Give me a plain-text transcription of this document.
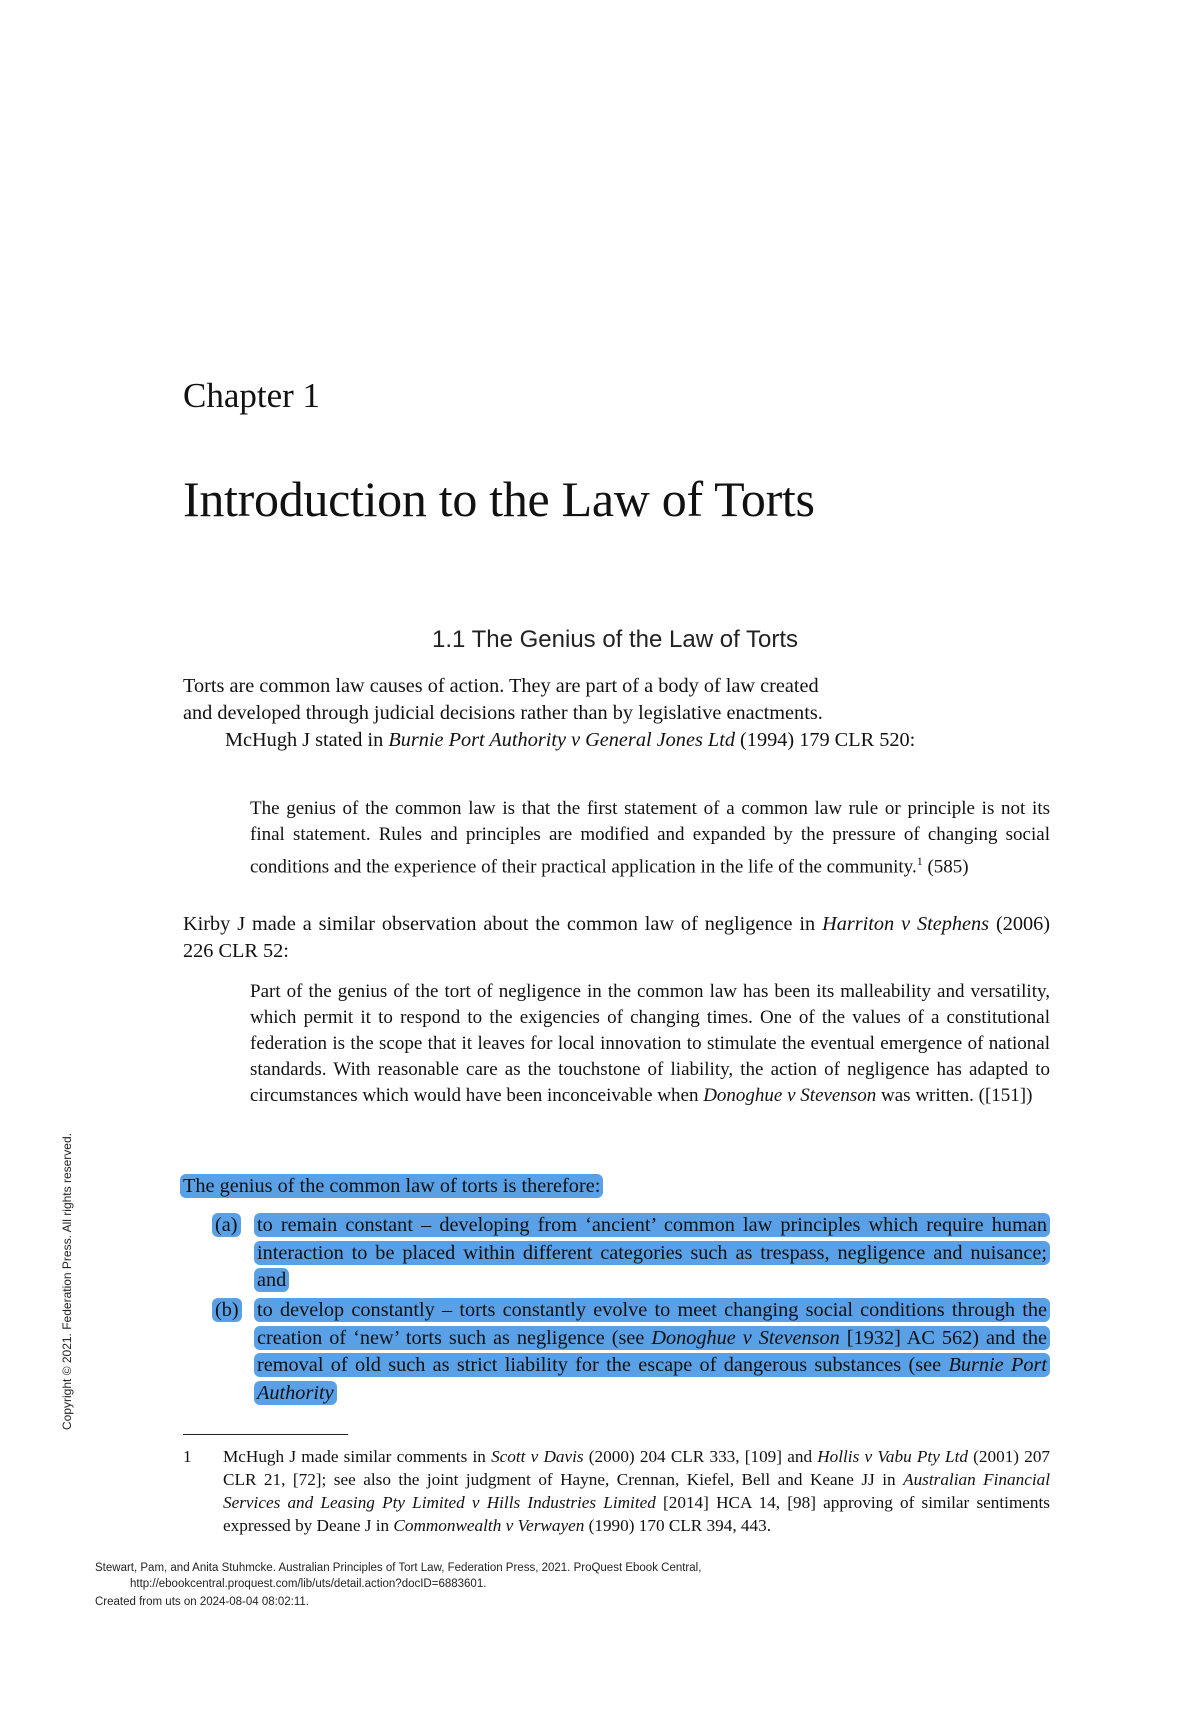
Chapter 1
Introduction to the Law of Torts
1.1 The Genius of the Law of Torts
Torts are common law causes of action. They are part of a body of law created
and developed through judicial decisions rather than by legislative enactments.
McHugh J stated in Burnie Port Authority v General Jones Ltd (1994) 179 CLR 520:
The genius of the common law is that the first statement of a common law rule or principle is not its final statement. Rules and principles are modified and expanded by the pressure of changing social conditions and the experience of their practical application in the life of the community.$^1$ (585)
Kirby J made a similar observation about the common law of negligence in Harriton v Stephens (2006) 226 CLR 52:
Part of the genius of the tort of negligence in the common law has been its malleability and versatility, which permit it to respond to the exigencies of changing times. One of the values of a constitutional federation is the scope that it leaves for local innovation to stimulate the eventual emergence of national standards. With reasonable care as the touchstone of liability, the action of negligence has adapted to circumstances which would have been inconceivable when Donoghue v Stevenson was written. ([151])
The genius of the common law of torts is therefore:
(a) to remain constant – developing from ‘ancient’ common law principles which require human interaction to be placed within different categories such as trespass, negligence and nuisance; and
(b) to develop constantly – torts constantly evolve to meet changing social conditions through the creation of ‘new’ torts such as negligence (see Donoghue v Stevenson [1932] AC 562) and the removal of old such as strict liability for the escape of dangerous substances (see Burnie Port Authority
1	McHugh J made similar comments in Scott v Davis (2000) 204 CLR 333, [109] and Hollis v Vabu Pty Ltd (2001) 207 CLR 21, [72]; see also the joint judgment of Hayne, Crennan, Kiefel, Bell and Keane JJ in Australian Financial Services and Leasing Pty Limited v Hills Industries Limited [2014] HCA 14, [98] approving of similar sentiments expressed by Deane J in Commonwealth v Verwayen (1990) 170 CLR 394, 443.
Copyright © 2021. Federation Press. All rights reserved.
Stewart, Pam, and Anita Stuhmcke. Australian Principles of Tort Law, Federation Press, 2021. ProQuest Ebook Central,
http://ebookcentral.proquest.com/lib/uts/detail.action?docID=6883601.
Created from uts on 2024-08-04 08:02:11.
